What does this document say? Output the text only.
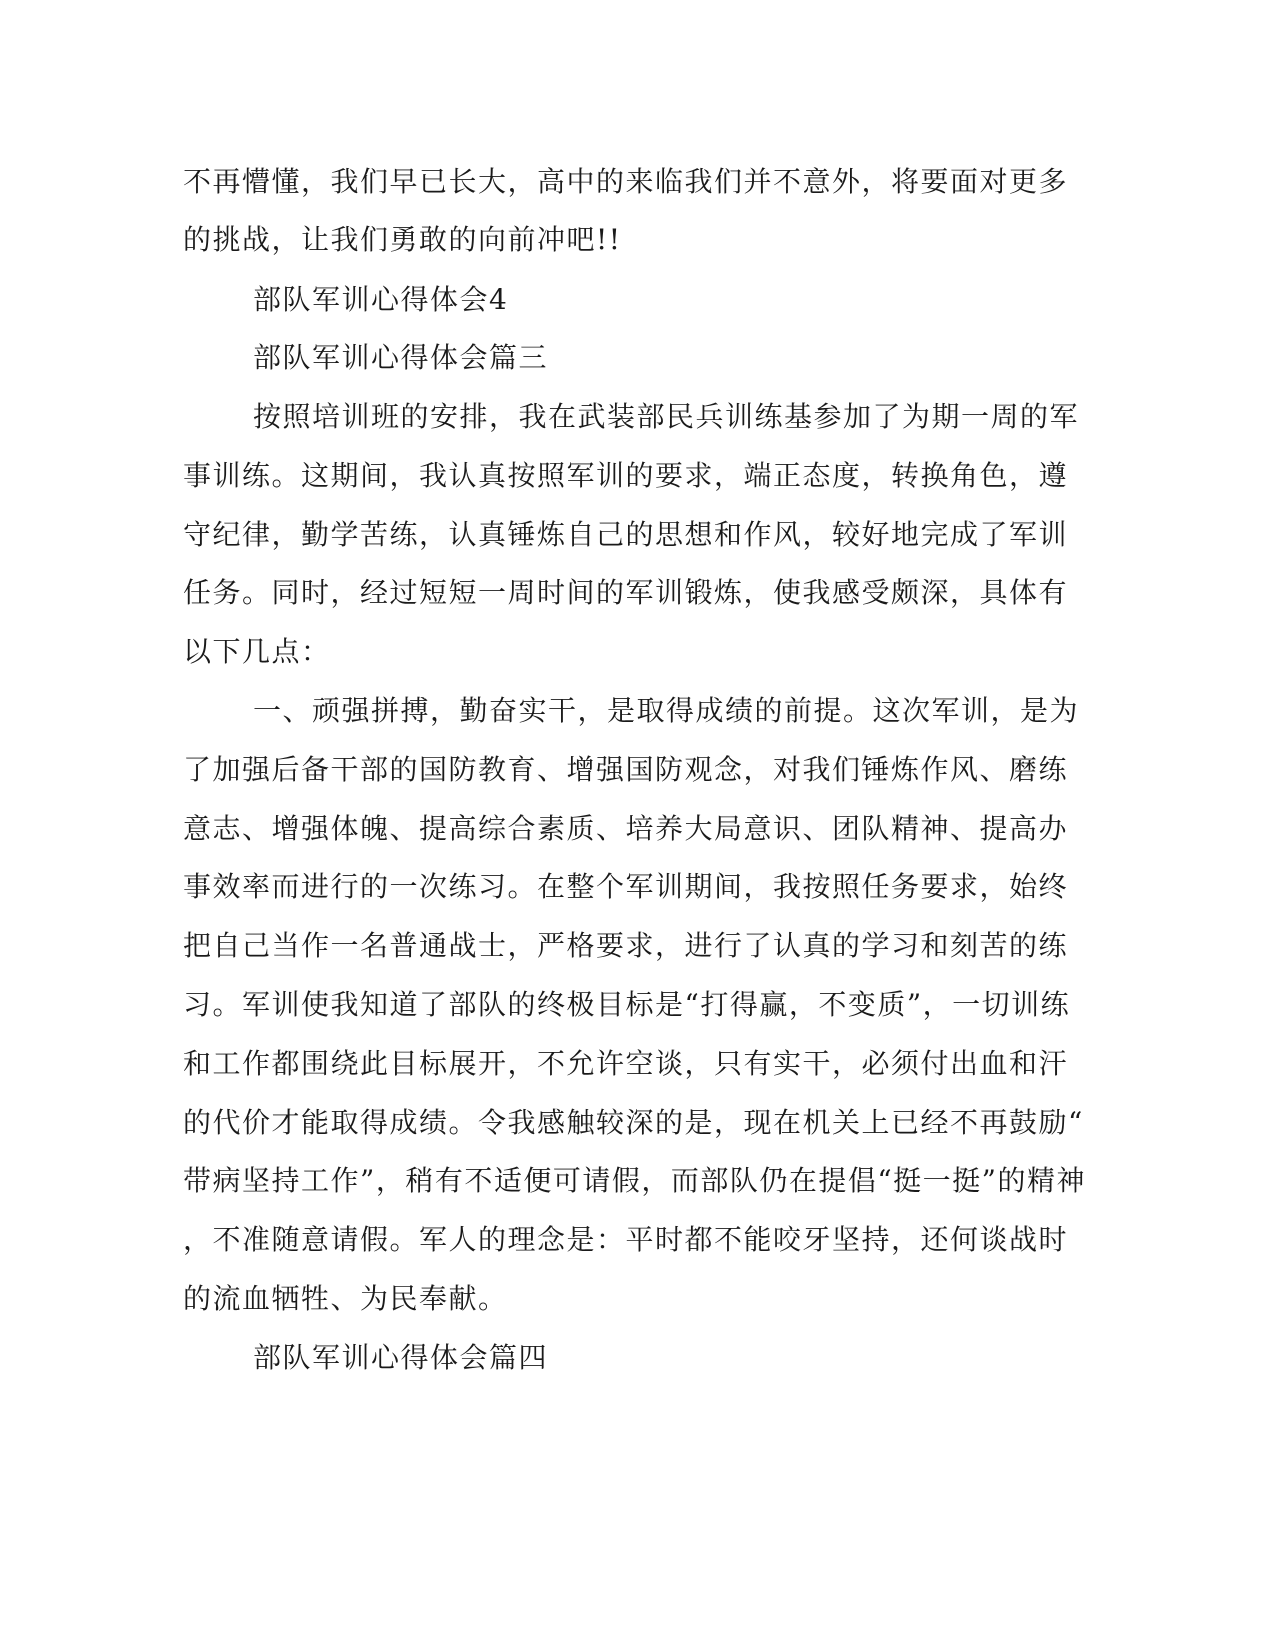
不再懵懂，我们早已长大，高中的来临我们并不意外，将要面对更多
的挑战，让我们勇敢的向前冲吧!!
部队军训心得体会4
部队军训心得体会篇三
按照培训班的安排，我在武装部民兵训练基参加了为期一周的军
事训练。这期间，我认真按照军训的要求，端正态度，转换角色，遵
守纪律，勤学苦练，认真锤炼自己的思想和作风，较好地完成了军训
任务。同时，经过短短一周时间的军训锻炼，使我感受颇深，具体有
以下几点：
一、顽强拼搏，勤奋实干，是取得成绩的前提。这次军训，是为
了加强后备干部的国防教育、增强国防观念，对我们锤炼作风、磨练
意志、增强体魄、提高综合素质、培养大局意识、团队精神、提高办
事效率而进行的一次练习。在整个军训期间，我按照任务要求，始终
把自己当作一名普通战士，严格要求，进行了认真的学习和刻苦的练
习。军训使我知道了部队的终极目标是“打得赢，不变质”，一切训练
和工作都围绕此目标展开，不允许空谈，只有实干，必须付出血和汗
的代价才能取得成绩。令我感触较深的是，现在机关上已经不再鼓励“
带病坚持工作”，稍有不适便可请假，而部队仍在提倡“挺一挺”的精神
，不准随意请假。军人的理念是：平时都不能咬牙坚持，还何谈战时
的流血牺牲、为民奉献。
部队军训心得体会篇四
